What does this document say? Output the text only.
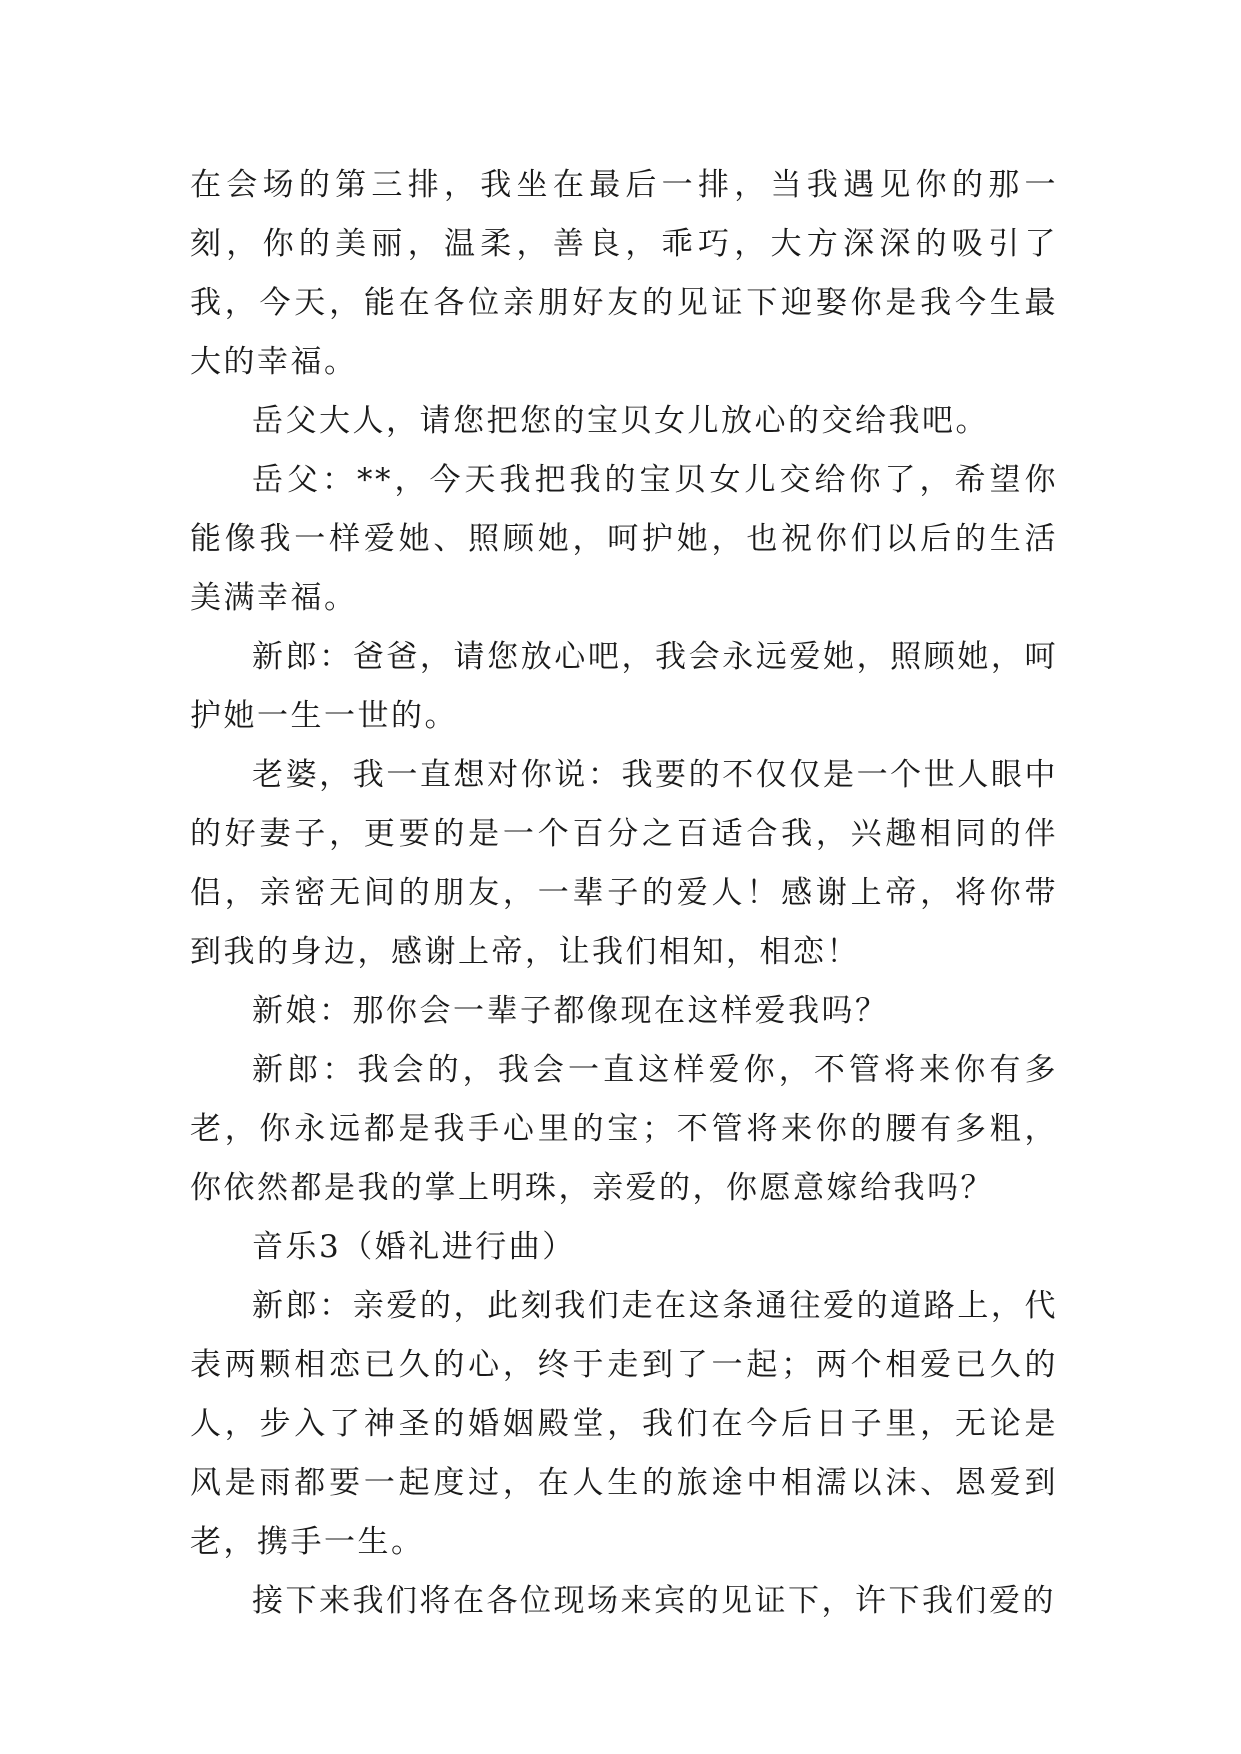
在会场的第三排，我坐在最后一排，当我遇见你的那一刻，你的美丽，温柔，善良，乖巧，大方深深的吸引了我，今天，能在各位亲朋好友的见证下迎娶你是我今生最大的幸福。

岳父大人，请您把您的宝贝女儿放心的交给我吧。

岳父：**，今天我把我的宝贝女儿交给你了，希望你能像我一样爱她、照顾她，呵护她，也祝你们以后的生活美满幸福。

新郎：爸爸，请您放心吧，我会永远爱她，照顾她，呵护她一生一世的。

老婆，我一直想对你说：我要的不仅仅是一个世人眼中的好妻子，更要的是一个百分之百适合我，兴趣相同的伴侣，亲密无间的朋友，一辈子的爱人！感谢上帝，将你带到我的身边，感谢上帝，让我们相知，相恋！

新娘：那你会一辈子都像现在这样爱我吗？

新郎：我会的，我会一直这样爱你，不管将来你有多老，你永远都是我手心里的宝；不管将来你的腰有多粗，你依然都是我的掌上明珠，亲爱的，你愿意嫁给我吗？

音乐3（婚礼进行曲）

新郎：亲爱的，此刻我们走在这条通往爱的道路上，代表两颗相恋已久的心，终于走到了一起；两个相爱已久的人，步入了神圣的婚姻殿堂，我们在今后日子里，无论是风是雨都要一起度过，在人生的旅途中相濡以沫、恩爱到老，携手一生。

接下来我们将在各位现场来宾的见证下，许下我们爱的
